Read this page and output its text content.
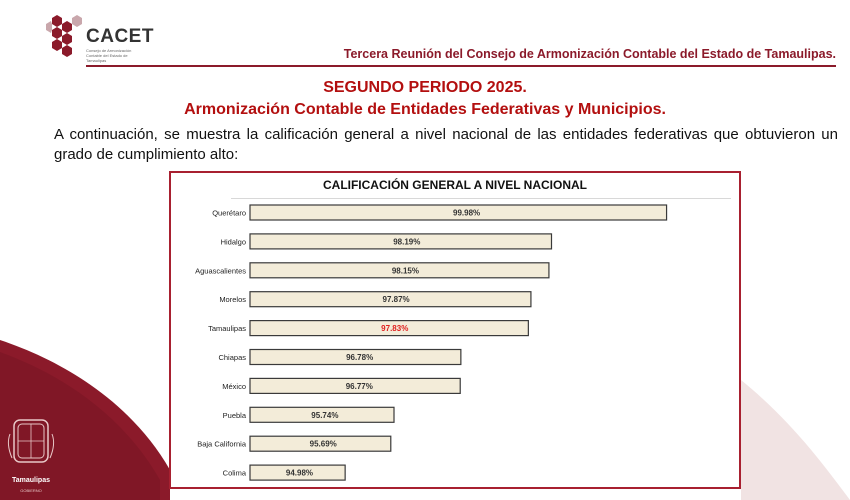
CACET
Consejo de Armonización Contable del Estado de Tamaulipas	Tercera Reunión del Consejo de Armonización Contable del Estado de Tamaulipas.
SEGUNDO PERIODO 2025.
Armonización Contable de Entidades Federativas y Municipios.
A continuación, se muestra la calificación general a nivel nacional de las entidades federativas que obtuvieron un grado de cumplimiento alto:
CALIFICACIÓN GENERAL A NIVEL NACIONAL
Querétaro	99.98%
Hidalgo	98.19%
Aguascalientes	98.15%
Morelos	97.87%
Tamaulipas	97.83%
Chiapas	96.78%
México	96.77%
Puebla	95.74%
Baja California	95.69%
Colima	94.98%
Tamaulipas
GOBIERNO
